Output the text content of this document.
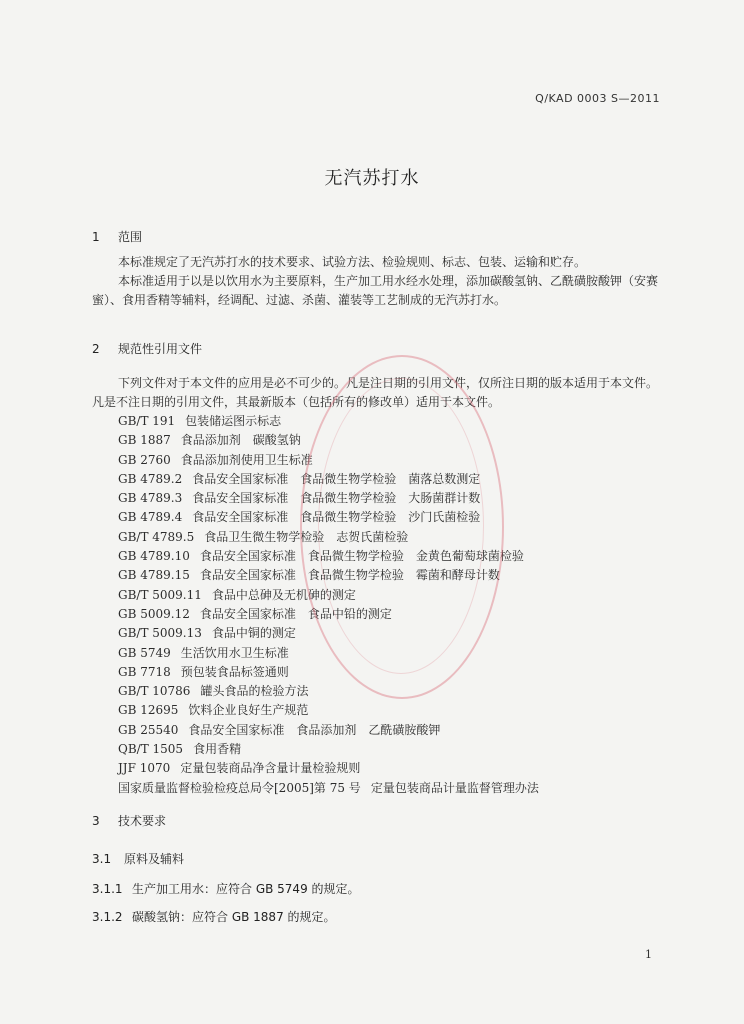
Q/KAD 0003 S—2011
无汽苏打水
1 范围

本标准规定了无汽苏打水的技术要求、试验方法、检验规则、标志、包装、运输和贮存。

本标准适用于以是以饮用水为主要原料，生产加工用水经水处理，添加碳酸氢钠、乙酰磺胺酸钾（安赛蜜）、食用香精等辅料，经调配、过滤、杀菌、灌装等工艺制成的无汽苏打水。

2 规范性引用文件

下列文件对于本文件的应用是必不可少的。凡是注日期的引用文件，仅所注日期的版本适用于本文件。凡是不注日期的引用文件，其最新版本（包括所有的修改单）适用于本文件。

GB/T 191 包装储运图示标志
GB 1887 食品添加剂　碳酸氢钠
GB 2760 食品添加剂使用卫生标准
GB 4789.2 食品安全国家标准　食品微生物学检验　菌落总数测定
GB 4789.3 食品安全国家标准　食品微生物学检验　大肠菌群计数
GB 4789.4 食品安全国家标准　食品微生物学检验　沙门氏菌检验
GB/T 4789.5 食品卫生微生物学检验　志贺氏菌检验
GB 4789.10 食品安全国家标准　食品微生物学检验　金黄色葡萄球菌检验
GB 4789.15 食品安全国家标准　食品微生物学检验　霉菌和酵母计数
GB/T 5009.11 食品中总砷及无机砷的测定
GB 5009.12 食品安全国家标准　食品中铅的测定
GB/T 5009.13 食品中铜的测定
GB 5749 生活饮用水卫生标准
GB 7718 预包装食品标签通则
GB/T 10786 罐头食品的检验方法
GB 12695 饮料企业良好生产规范
GB 25540 食品安全国家标准　食品添加剂　乙酰磺胺酸钾
QB/T 1505 食用香精
JJF 1070 定量包装商品净含量计量检验规则
国家质量监督检验检疫总局令[2005]第 75 号 定量包装商品计量监督管理办法
3 技术要求
3.1 原料及辅料
3.1.1 生产加工用水：应符合 GB 5749 的规定。
3.1.2 碳酸氢钠：应符合 GB 1887 的规定。
1
